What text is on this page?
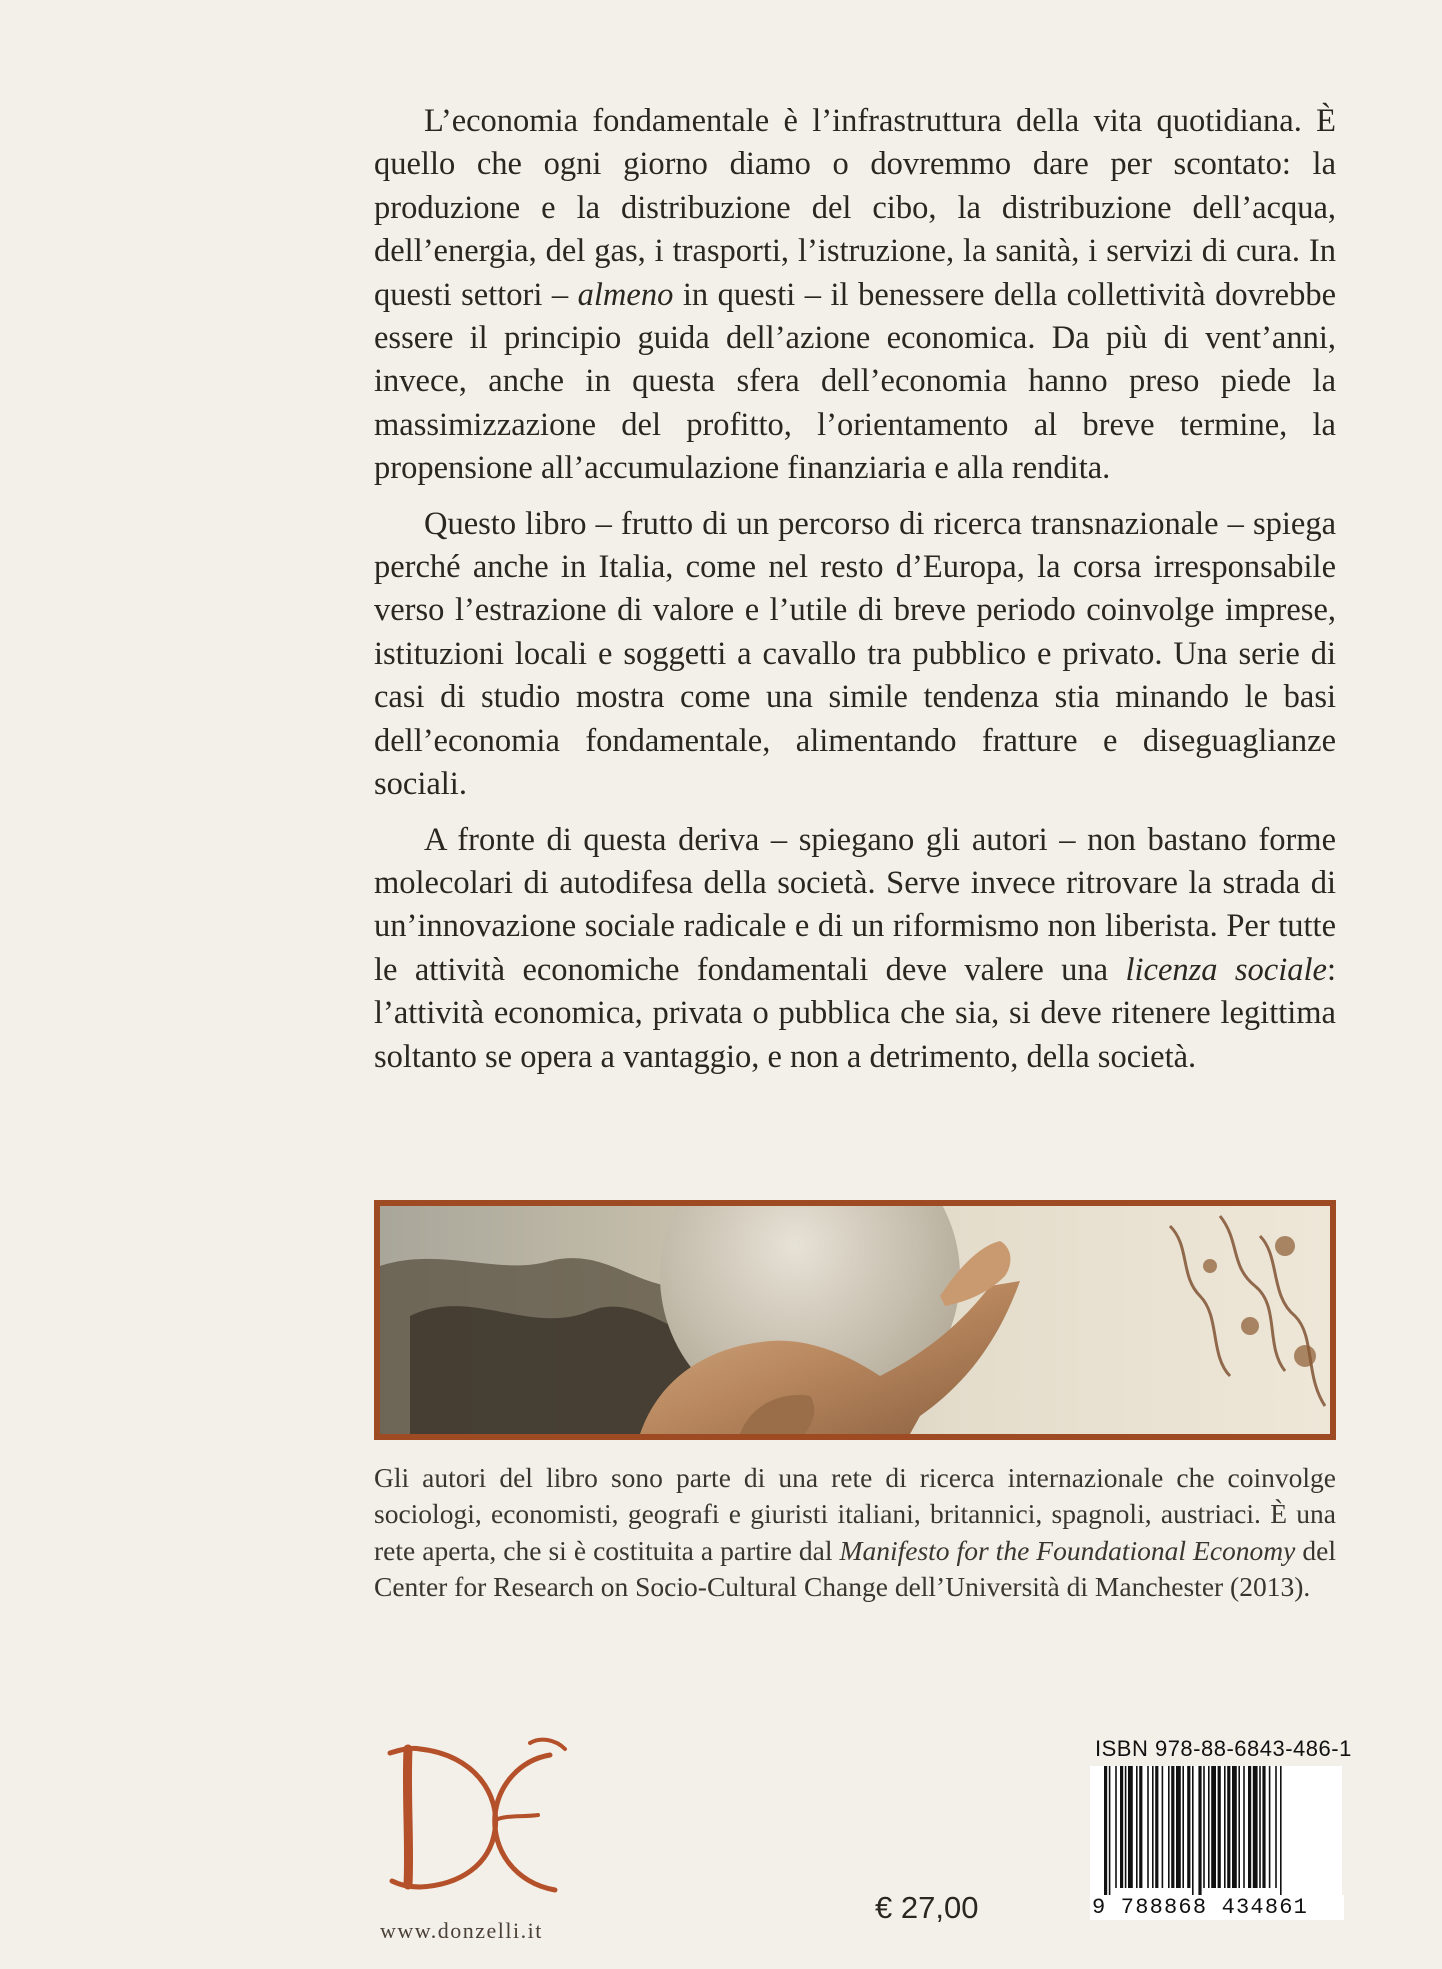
L’economia fondamentale è l’infrastruttura della vita quotidiana. È quello che ogni giorno diamo o dovremmo dare per scontato: la produzione e la distribuzione del cibo, la distribuzione dell’acqua, dell’energia, del gas, i trasporti, l’istruzione, la sanità, i servizi di cura. In questi settori – almeno in questi – il benessere della collettività dovrebbe essere il principio guida dell’azione economica. Da più di vent’anni, invece, anche in questa sfera dell’economia hanno preso piede la massimizzazione del profitto, l’orientamento al breve termine, la propensione all’accumulazione finanziaria e alla rendita.

Questo libro – frutto di un percorso di ricerca transnazionale – spiega perché anche in Italia, come nel resto d’Europa, la corsa irresponsabile verso l’estrazione di valore e l’utile di breve periodo coinvolge imprese, istituzioni locali e soggetti a cavallo tra pubblico e privato. Una serie di casi di studio mostra come una simile tendenza stia minando le basi dell’economia fondamentale, alimentando fratture e diseguaglianze sociali.

A fronte di questa deriva – spiegano gli autori – non bastano forme molecolari di autodifesa della società. Serve invece ritrovare la strada di un’innovazione sociale radicale e di un riformismo non liberista. Per tutte le attività economiche fondamentali deve valere una licenza sociale: l’attività economica, privata o pubblica che sia, si deve ritenere legittima soltanto se opera a vantaggio, e non a detrimento, della società.

Gli autori del libro sono parte di una rete di ricerca internazionale che coinvolge sociologi, economisti, geografi e giuristi italiani, britannici, spagnoli, austriaci. È una rete aperta, che si è costituita a partire dal Manifesto for the Foundational Economy del Center for Research on Socio-Cultural Change dell’Università di Manchester (2013).

www.donzelli.it
€ 27,00
ISBN 978-88-6843-486-1
9 788868 434861
